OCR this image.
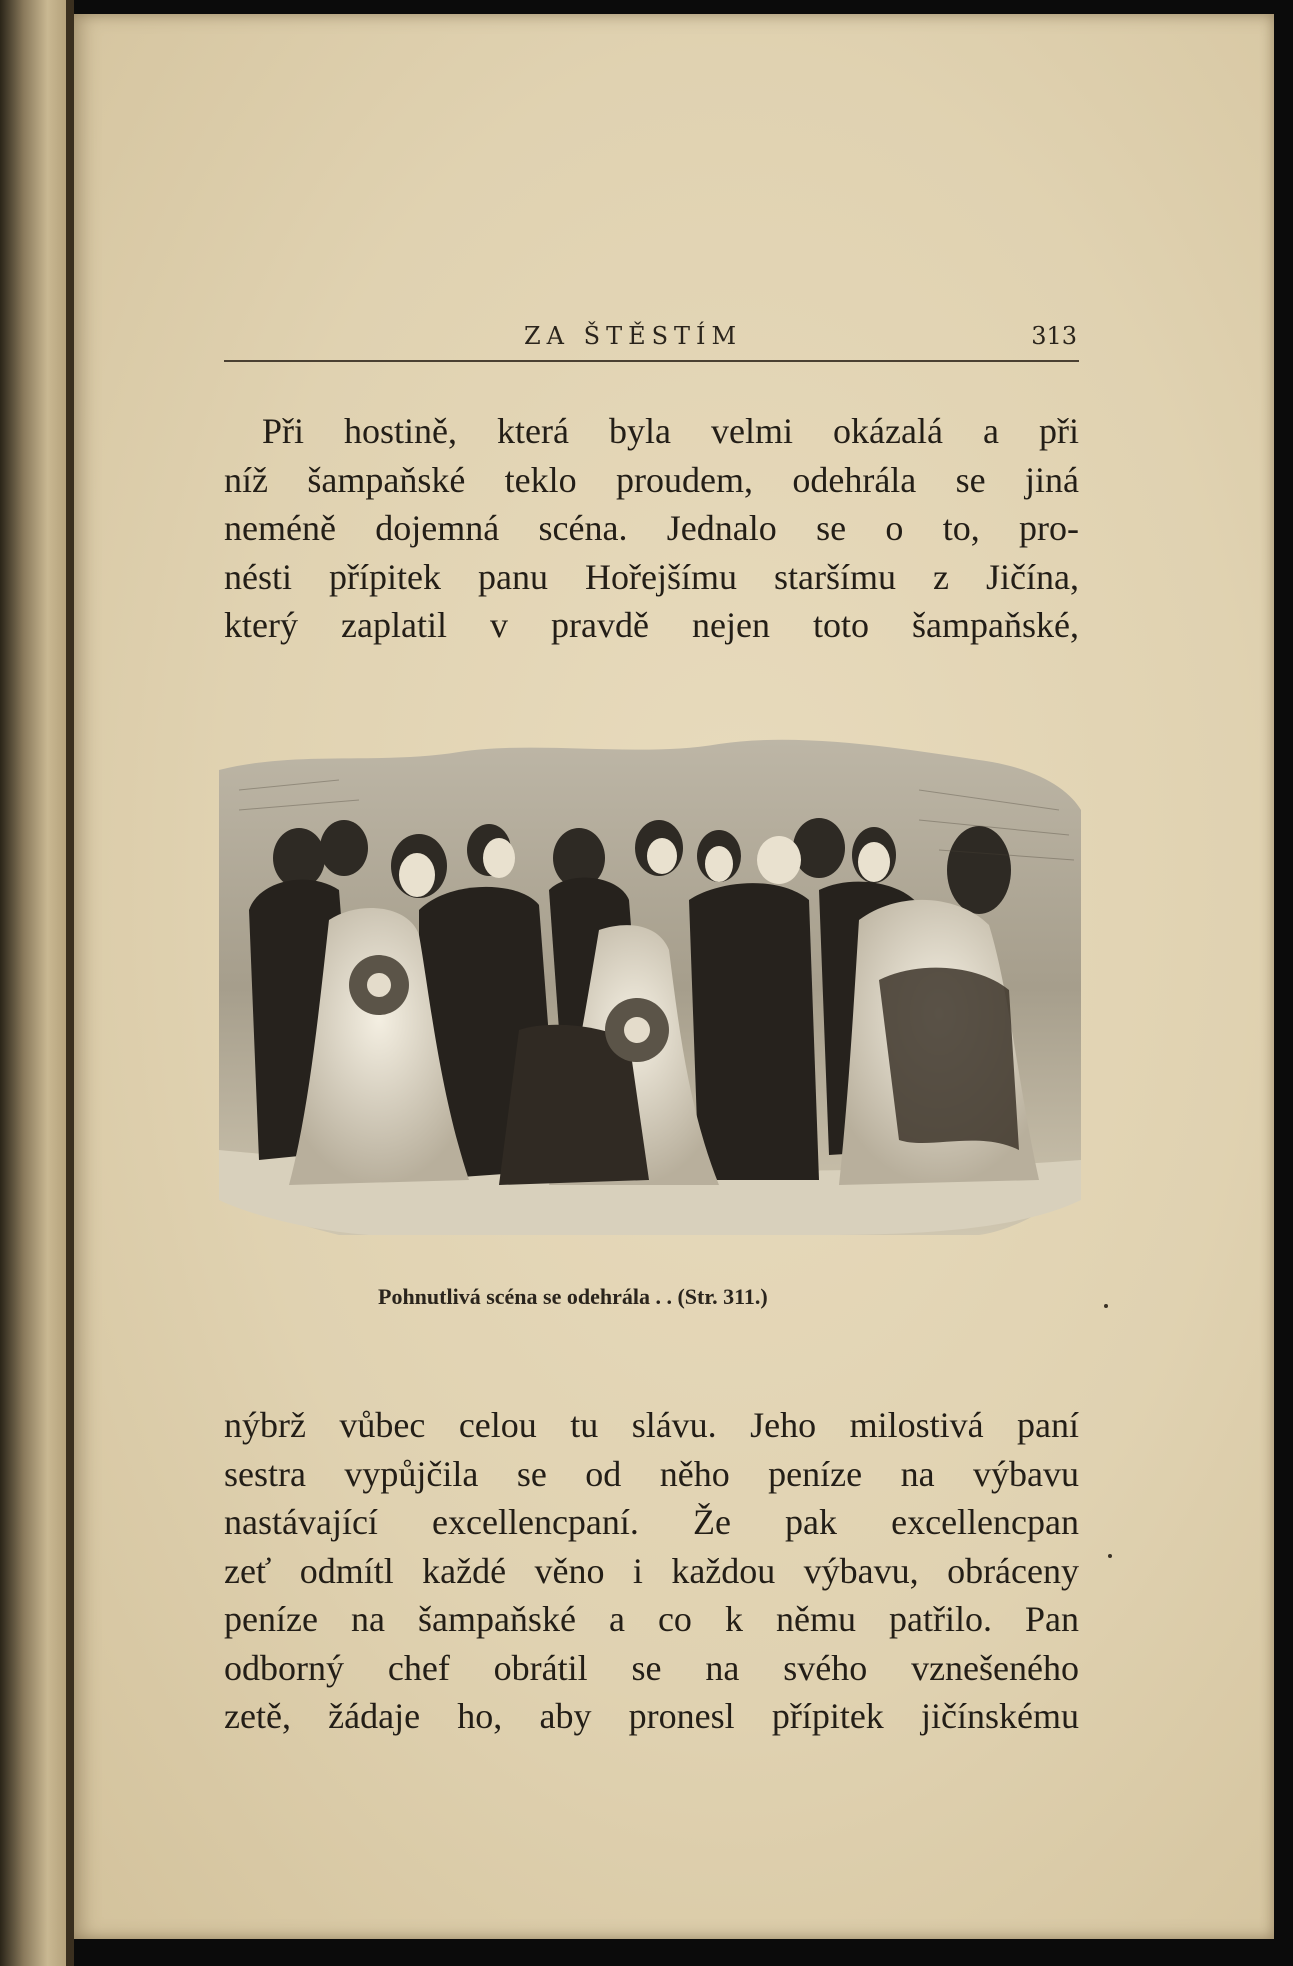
ZA ŠTĚSTÍM	313
Při hostině, která byla velmi okázalá a při
níž šampaňské teklo proudem, odehrála se jiná
neméně dojemná scéna. Jednalo se o to, pro-
nésti přípitek panu Hořejšímu staršímu z Jičína,
který zaplatil v pravdě nejen toto šampaňské,
Pohnutlivá scéna se odehrála . . (Str. 311.)
nýbrž vůbec celou tu slávu. Jeho milostivá paní
sestra vypůjčila se od něho peníze na výbavu
nastávající excellencpaní. Že pak excellencpan
zeť odmítl každé věno i každou výbavu, obráceny
peníze na šampaňské a co k němu patřilo. Pan
odborný chef obrátil se na svého vznešeného
zetě, žádaje ho, aby pronesl přípitek jičínskému
